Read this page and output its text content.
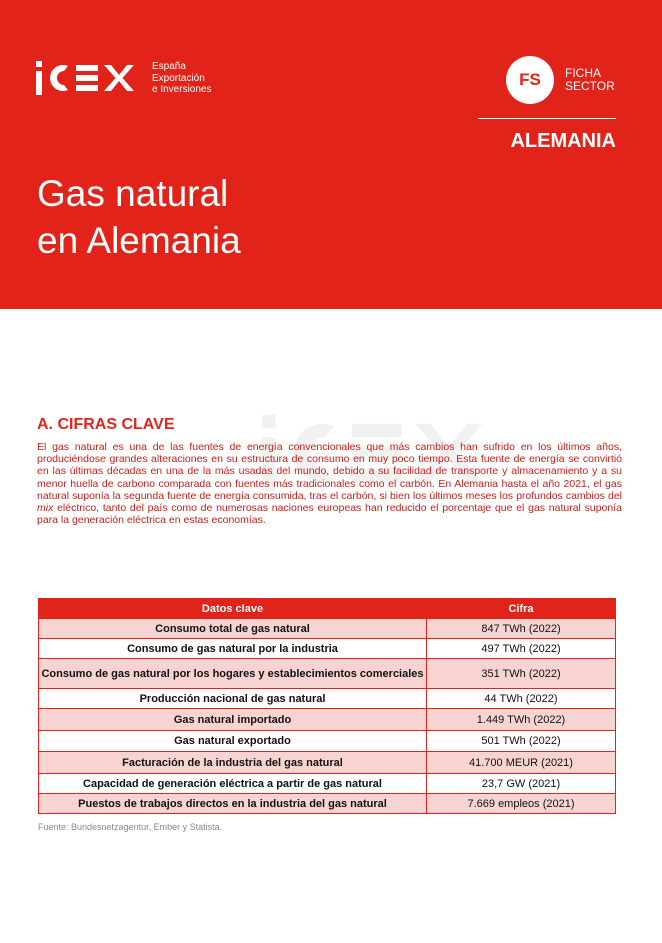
España
Exportación
e Inversiones
FS	FICHA
SECTOR
ALEMANIA
Gas natural
en Alemania
A. CIFRAS CLAVE

El gas natural es una de las fuentes de energía convencionales que más cambios han sufrido en los últimos años, produciéndose grandes alteraciones en su estructura de consumo en muy poco tiempo. Esta fuente de energía se convirtió en las últimas décadas en una de la más usadas del mundo, debido a su facilidad de transporte y almacenamiento y a su menor huella de carbono comparada con fuentes más tradicionales como el carbón. En Alemania hasta el año 2021, el gas natural suponía la segunda fuente de energía consumida, tras el carbón, si bien los últimos meses los profundos cambios del mix eléctrico, tanto del país como de numerosas naciones europeas han reducido el porcentaje que el gas natural suponía para la generación eléctrica en estas economías.

Datos clave	Cifra
Consumo total de gas natural	847 TWh (2022)
Consumo de gas natural por la industria	497 TWh (2022)
Consumo de gas natural por los hogares y establecimientos comerciales	351 TWh (2022)
Producción nacional de gas natural	44 TWh (2022)
Gas natural importado	1.449 TWh (2022)
Gas natural exportado	501 TWh (2022)
Facturación de la industria del gas natural	41.700 MEUR (2021)
Capacidad de generación eléctrica a partir de gas natural	23,7 GW (2021)
Puestos de trabajos directos en la industria del gas natural	7.669 empleos (2021)
Fuente: Bundesnetzagentur, Ember y Statista.
